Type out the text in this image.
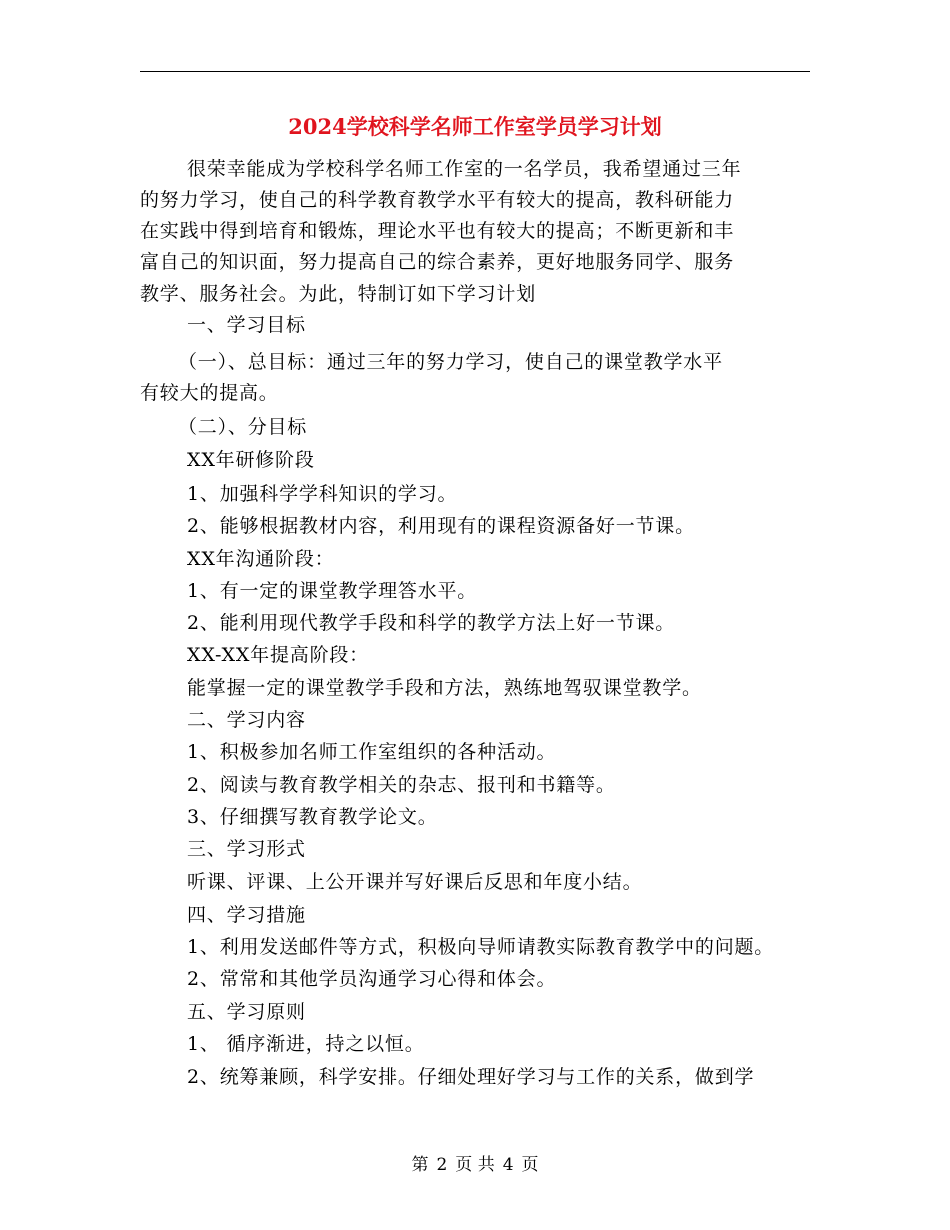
2024学校科学名师工作室学员学习计划
很荣幸能成为学校科学名师工作室的一名学员，我希望通过三年
的努力学习，使自己的科学教育教学水平有较大的提高，教科研能力
在实践中得到培育和锻炼，理论水平也有较大的提高；不断更新和丰
富自己的知识面，努力提高自己的综合素养，更好地服务同学、服务
教学、服务社会。为此，特制订如下学习计划
一、学习目标
（一）、总目标：通过三年的努力学习，使自己的课堂教学水平
有较大的提高。
（二）、分目标
XX年研修阶段
1、加强科学学科知识的学习。
2、能够根据教材内容，利用现有的课程资源备好一节课。
XX年沟通阶段：
1、有一定的课堂教学理答水平。
2、能利用现代教学手段和科学的教学方法上好一节课。
XX-XX年提高阶段：
能掌握一定的课堂教学手段和方法，熟练地驾驭课堂教学。
二、学习内容
1、积极参加名师工作室组织的各种活动。
2、阅读与教育教学相关的杂志、报刊和书籍等。
3、仔细撰写教育教学论文。
三、学习形式
听课、评课、上公开课并写好课后反思和年度小结。
四、学习措施
1、利用发送邮件等方式，积极向导师请教实际教育教学中的问题。
2、常常和其他学员沟通学习心得和体会。
五、学习原则
1、 循序渐进，持之以恒。
2、统筹兼顾，科学安排。仔细处理好学习与工作的关系，做到学
第 2 页 共 4 页
